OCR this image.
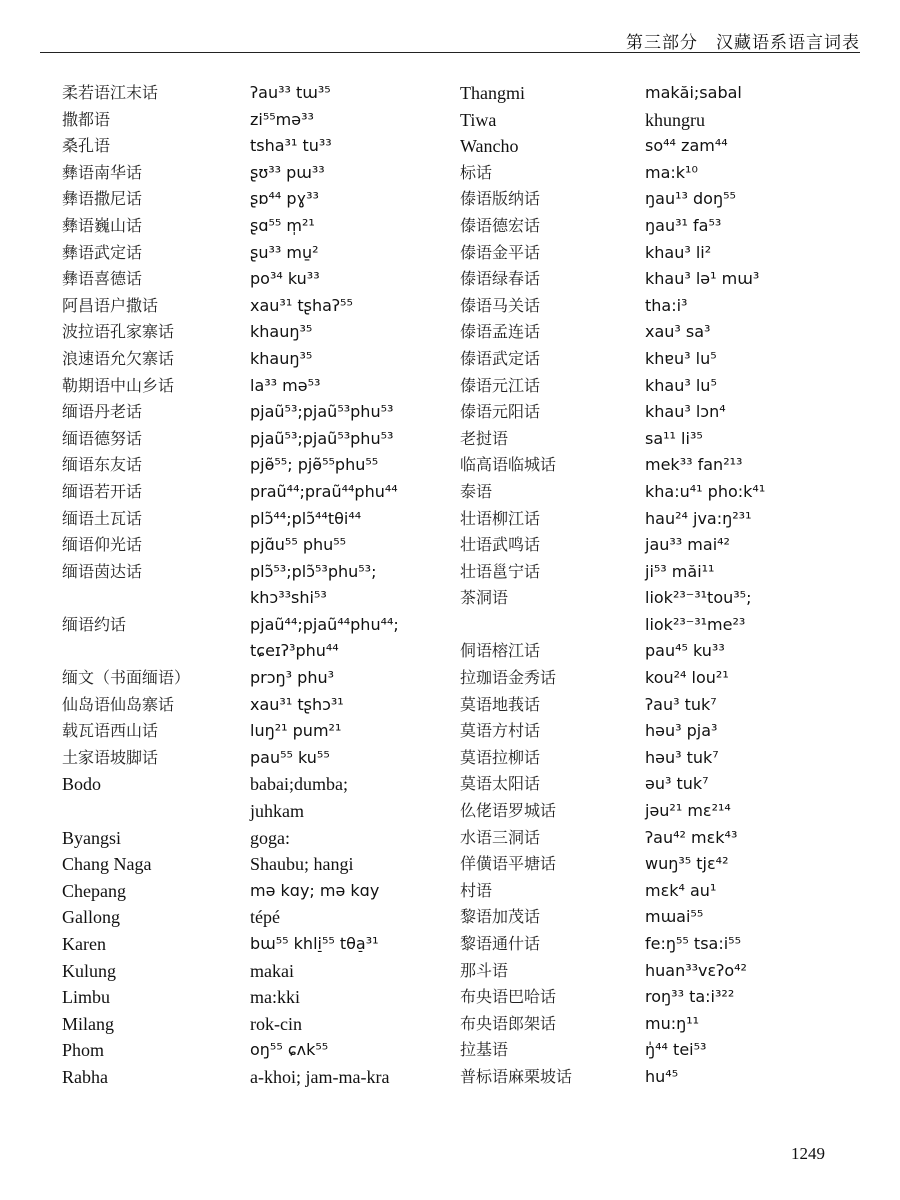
第三部分　汉藏语系语言词表
柔若语江末话
撒都语
桑孔语
彝语南华话
彝语撒尼话
彝语巍山话
彝语武定话
彝语喜德话
阿昌语户撒话
波拉语孔家寨话
浪速语允欠寨话
勒期语中山乡话
缅语丹老话
缅语德努话
缅语东友话
缅语若开话
缅语土瓦话
缅语仰光话
缅语茵达话
缅语约话
缅文（书面缅语）
仙岛语仙岛寨话
载瓦语西山话
土家语坡脚话
Bodo
Byangsi
Chang Naga
Chepang
Gallong
Karen
Kulung
Limbu
Milang
Phom
Rabha
ʔau³³ tɯ³⁵
zi⁵⁵mə³³
tsha³¹ tu³³
ʂʊ³³ pɯ³³
ʂɒ⁴⁴ pɣ³³
ʂɑ⁵⁵ m̩²¹
ʂu³³ mu̱²
po³⁴ ku³³
xau³¹ tʂhaʔ⁵⁵
khauŋ³⁵
khauŋ³⁵
la³³ mə⁵³
pjaũ⁵³;pjaũ⁵³phu⁵³
pjaũ⁵³;pjaũ⁵³phu⁵³
pjɵ̃⁵⁵; pjɵ̃⁵⁵phu⁵⁵
praũ⁴⁴;praũ⁴⁴phu⁴⁴
plɔ̃⁴⁴;plɔ̃⁴⁴tθi⁴⁴
pjɑ̃u⁵⁵ phu⁵⁵
plɔ̃⁵³;plɔ̃⁵³phu⁵³;
khɔ³³shi⁵³
pjaũ⁴⁴;pjaũ⁴⁴phu⁴⁴;
tɕeɪʔ³phu⁴⁴
prɔŋ³ phu³
xau³¹ tʂhɔ³¹
luŋ²¹ pum²¹
pau⁵⁵ ku⁵⁵
babai;dumba;
juhkam
goga:
Shaubu; hangi
mə kɑy; mə kɑy
tépé
bɯ⁵⁵ khli̠⁵⁵ tθa̠³¹
makai
ma:kki
rok-cin
oŋ⁵⁵ ɕʌk⁵⁵
a-khoi; jam-ma-kra
Thangmi
Tiwa
Wancho
标话
傣语版纳话
傣语德宏话
傣语金平话
傣语绿春话
傣语马关话
傣语孟连话
傣语武定话
傣语元江话
傣语元阳话
老挝语
临高语临城话
泰语
壮语柳江话
壮语武鸣话
壮语邕宁话
茶洞语
侗语榕江话
拉珈语金秀话
莫语地莪话
莫语方村话
莫语拉柳话
莫语太阳话
仫佬语罗城话
水语三洞话
佯僙语平塘话
村语
黎语加茂话
黎语通什话
那斗语
布央语巴哈话
布央语郎架话
拉基语
普标语麻栗坡话
makăi;sabal
khungru
so⁴⁴ zam⁴⁴
ma:k¹⁰
ŋau¹³ doŋ⁵⁵
ŋau³¹ fa⁵³
khau³ li²
khau³ lə¹ mɯ³
tha:i³
xau³ sa³
khɐu³ lu⁵
khau³ lu⁵
khau³ lɔn⁴
sa¹¹ li³⁵
mek³³ fan²¹³
kha:u⁴¹ pho:k⁴¹
hau²⁴ jva:ŋ²³¹
jau³³ mai⁴²
ji⁵³ măi¹¹
liok²³⁻³¹tou³⁵;
liok²³⁻³¹me²³
pau⁴⁵ ku³³
kou²⁴ lou²¹
ʔau³ tuk⁷
həu³ pja³
həu³ tuk⁷
əu³ tuk⁷
jəu²¹ mɛ²¹⁴
ʔau⁴² mɛk⁴³
wuŋ³⁵ tjɛ⁴²
mɛk⁴ au¹
mɯai⁵⁵
fe:ŋ⁵⁵ tsa:i⁵⁵
huan³³vɛʔo⁴²
roŋ³³ ta:i³²²
mu:ŋ¹¹
ŋ̍⁴⁴ tei⁵³
hu⁴⁵
1249
